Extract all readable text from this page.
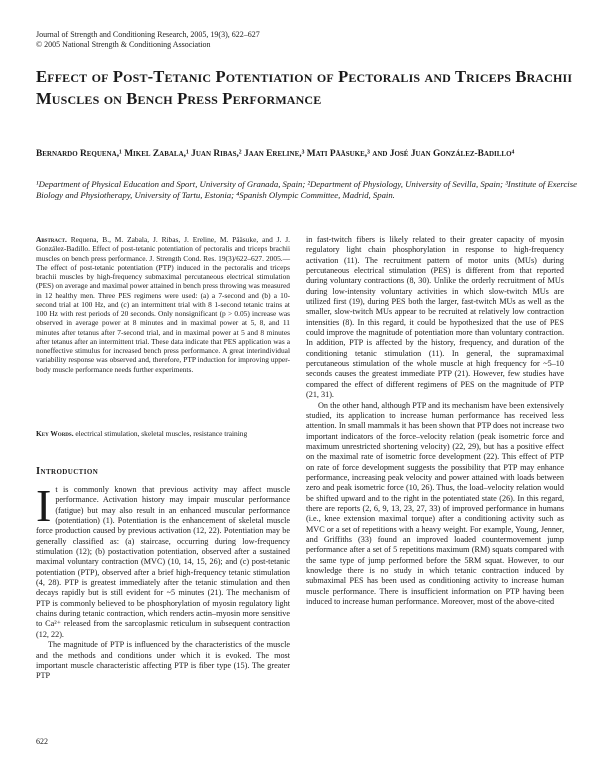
Journal of Strength and Conditioning Research, 2005, 19(3), 622–627
© 2005 National Strength & Conditioning Association
Effect of Post-Tetanic Potentiation of Pectoralis and Triceps Brachii Muscles on Bench Press Performance

Bernardo Requena,¹ Mikel Zabala,¹ Juan Ribas,² Jaan Ereline,³ Mati Pääsuke,³ and José Juan González-Badillo⁴

¹Department of Physical Education and Sport, University of Granada, Spain; ²Department of Physiology, University of Sevilla, Spain; ³Institute of Exercise Biology and Physiotherapy, University of Tartu, Estonia; ⁴Spanish Olympic Committee, Madrid, Spain.

Abstract. Requena, B., M. Zabala, J. Ribas, J. Ereline, M. Pääsuke, and J. J. González-Badillo. Effect of post-tetanic potentiation of pectoralis and triceps brachii muscles on bench press performance. J. Strength Cond. Res. 19(3)/622–627. 2005.—The effect of post-tetanic potentiation (PTP) induced in the pectoralis and triceps brachii muscles by high-frequency submaximal percutaneous electrical stimulation (PES) on average and maximal power attained in bench press throwing was measured in 12 healthy men. Three PES regimens were used: (a) a 7-second and (b) a 10-second trial at 100 Hz, and (c) an intermittent trial with 8 1-second tetanic trains at 100 Hz with rest periods of 20 seconds. Only nonsignificant (p > 0.05) increase was observed in average power at 8 minutes and in maximal power at 5, 8, and 11 minutes after tetanus after 7-second trial, and in maximal power at 5 and 8 minutes after tetanus after an intermittent trial. These data indicate that PES application was a noneffective stimulus for increased bench press performance. A great interindividual variability response was observed and, therefore, PTP induction for improving upper-body muscle performance needs further experiments.

Key Words. electrical stimulation, skeletal muscles, resistance training

Introduction

It is commonly known that previous activity may affect muscle performance. Activation history may impair muscular performance (fatigue) but may also result in an enhanced muscular performance (potentiation) (1). Potentiation is the enhancement of skeletal muscle force production caused by previous activation (12, 22). Potentiation may be generally classified as: (a) staircase, occurring during low-frequency stimulation (12); (b) postactivation potentiation, observed after a sustained maximal voluntary contraction (MVC) (10, 14, 15, 26); and (c) post-tetanic potentiation (PTP), observed after a brief high-frequency tetanic stimulation (4, 28). PTP is greatest immediately after the tetanic stimulation and then decays rapidly but is still evident for ~5 minutes (21). The mechanism of PTP is commonly believed to be phosphorylation of myosin regulatory light chains during tetanic contraction, which renders actin–myosin more sensitive to Ca²⁺ released from the sarcoplasmic reticulum in subsequent contraction (12, 22).

The magnitude of PTP is influenced by the characteristics of the muscle and the methods and conditions under which it is evoked. The most important muscle characteristic affecting PTP is fiber type (15). The greater PTP

in fast-twitch fibers is likely related to their greater capacity of myosin regulatory light chain phosphorylation in response to high-frequency activation (11). The recruitment pattern of motor units (MUs) during percutaneous electrical stimulation (PES) is different from that reported during voluntary contractions (8, 30). Unlike the orderly recruitment of MUs during low-intensity voluntary activities in which slow-twitch MUs are utilized first (19), during PES both the larger, fast-twitch MUs as well as the smaller, slow-twitch MUs appear to be recruited at relatively low contraction intensities (8). In this regard, it could be hypothesized that the use of PES could improve the magnitude of potentiation more than voluntary contraction. In addition, PTP is affected by the history, frequency, and duration of the conditioning tetanic stimulation (11). In general, the supramaximal percutaneous stimulation of the whole muscle at high frequency for ~5–10 seconds causes the greatest immediate PTP (21). However, few studies have compared the effect of different regimens of PES on the magnitude of PTP (21, 31).

On the other hand, although PTP and its mechanism have been extensively studied, its application to increase human performance has received less attention. In small mammals it has been shown that PTP does not increase two important indicators of the force–velocity relation (peak isometric force and maximum unrestricted shortening velocity) (22, 29), but has a positive effect on the maximal rate of isometric force development (22). This effect of PTP on rate of force development suggests the possibility that PTP may enhance performance, increasing peak velocity and power attained with loads between zero and peak isometric force (10, 26). Thus, the load–velocity relation would be shifted upward and to the right in the potentiated state (26). In this regard, there are reports (2, 6, 9, 13, 23, 27, 33) of improved performance in humans (i.e., knee extension maximal torque) after a conditioning activity such as MVC or a set of repetitions with a heavy weight. For example, Young, Jenner, and Griffiths (33) found an improved loaded countermovement jump performance after a set of 5 repetitions maximum (RM) squats compared with the same type of jump performed before the 5RM squat. However, to our knowledge there is no study in which tetanic contraction induced by submaximal PES has been used as conditioning activity to increase human muscle performance. There is insufficient information on PTP having been induced to increase human performance. Moreover, most of the above-cited

622
